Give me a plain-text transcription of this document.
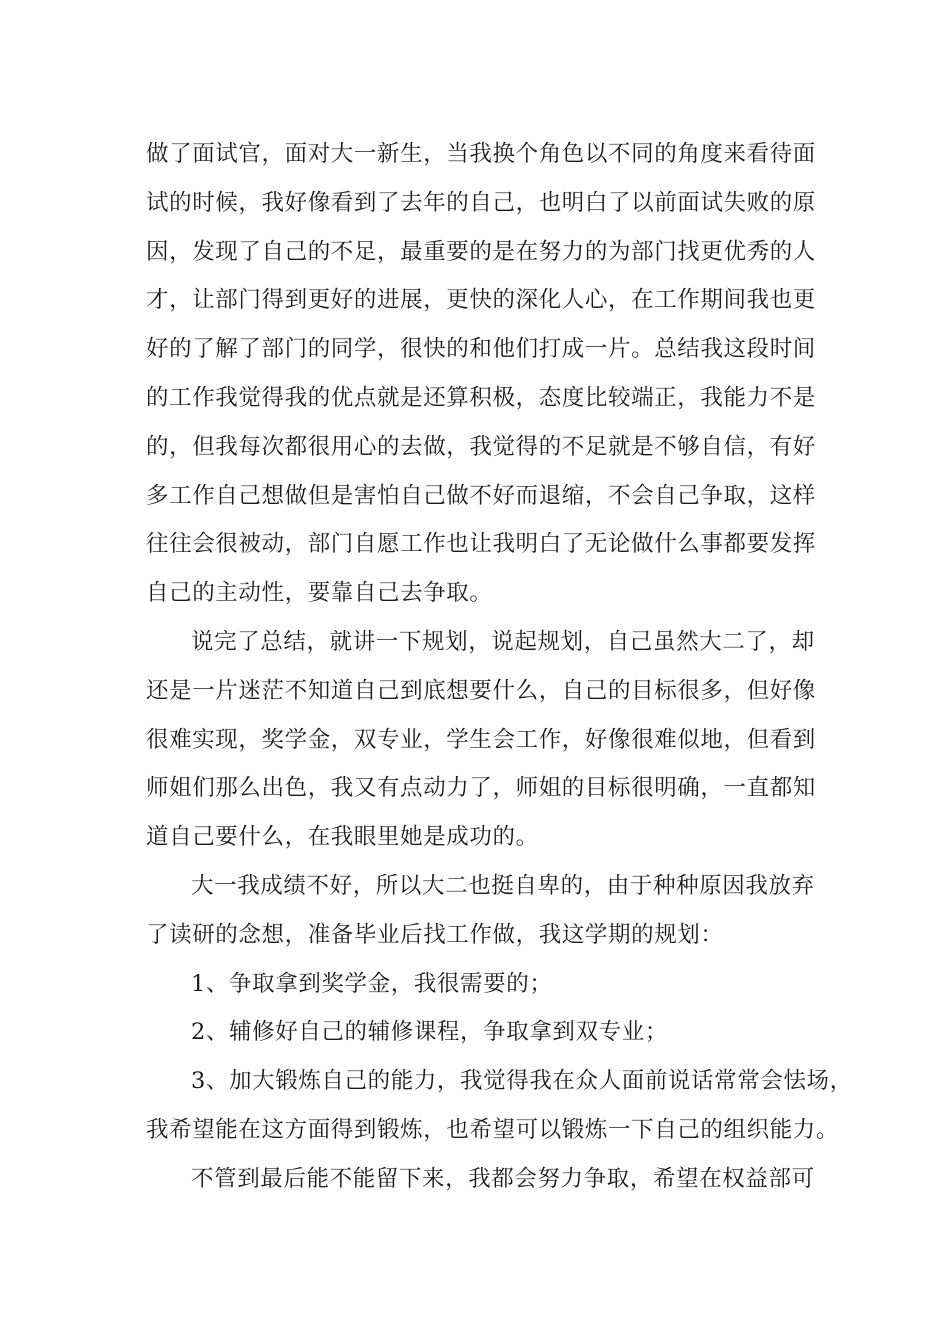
做了面试官，面对大一新生，当我换个角色以不同的角度来看待面
试的时候，我好像看到了去年的自己，也明白了以前面试失败的原
因，发现了自己的不足，最重要的是在努力的为部门找更优秀的人
才，让部门得到更好的进展，更快的深化人心，在工作期间我也更
好的了解了部门的同学，很快的和他们打成一片。总结我这段时间
的工作我觉得我的优点就是还算积极，态度比较端正，我能力不是
的，但我每次都很用心的去做，我觉得的不足就是不够自信，有好
多工作自己想做但是害怕自己做不好而退缩，不会自己争取，这样
往往会很被动，部门自愿工作也让我明白了无论做什么事都要发挥
自己的主动性，要靠自己去争取。
说完了总结，就讲一下规划，说起规划，自己虽然大二了，却
还是一片迷茫不知道自己到底想要什么，自己的目标很多，但好像
很难实现，奖学金，双专业，学生会工作，好像很难似地，但看到
师姐们那么出色，我又有点动力了，师姐的目标很明确，一直都知
道自己要什么，在我眼里她是成功的。
大一我成绩不好，所以大二也挺自卑的，由于种种原因我放弃
了读研的念想，准备毕业后找工作做，我这学期的规划：
1、争取拿到奖学金，我很需要的；
2、辅修好自己的辅修课程，争取拿到双专业；
3、加大锻炼自己的能力，我觉得我在众人面前说话常常会怯场，
我希望能在这方面得到锻炼，也希望可以锻炼一下自己的组织能力。
不管到最后能不能留下来，我都会努力争取，希望在权益部可
